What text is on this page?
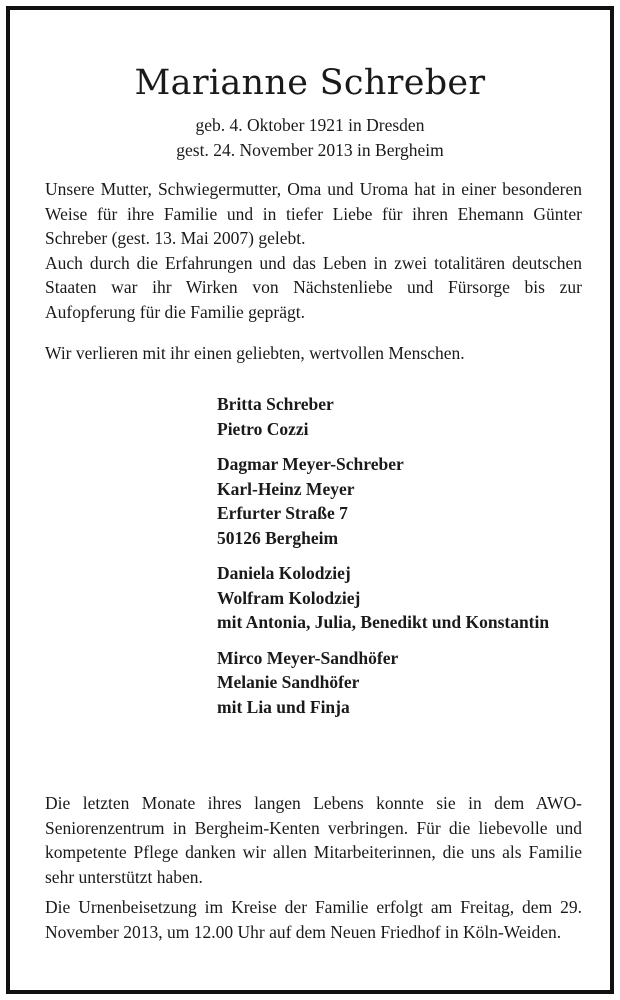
Marianne Schreber
geb. 4. Oktober 1921 in Dresden
gest. 24. November 2013 in Bergheim

Unsere Mutter, Schwiegermutter, Oma und Uroma hat in einer besonderen Weise für ihre Familie und in tiefer Liebe für ihren Ehemann Günter Schreber (gest. 13. Mai 2007) gelebt.

Auch durch die Erfahrungen und das Leben in zwei totalitären deutschen Staaten war ihr Wirken von Nächstenliebe und Fürsorge bis zur Aufopferung für die Familie geprägt.

Wir verlieren mit ihr einen geliebten, wertvollen Menschen.

Britta Schreber
Pietro Cozzi
Dagmar Meyer-Schreber
Karl-Heinz Meyer
Erfurter Straße 7
50126 Bergheim
Daniela Kolodziej
Wolfram Kolodziej
mit Antonia, Julia, Benedikt und Konstantin
Mirco Meyer-Sandhöfer
Melanie Sandhöfer
mit Lia und Finja

Die letzten Monate ihres langen Lebens konnte sie in dem AWO-Seniorenzentrum in Bergheim-Kenten verbringen. Für die liebevolle und kompetente Pflege danken wir allen Mitarbeiterinnen, die uns als Familie sehr unterstützt haben.

Die Urnenbeisetzung im Kreise der Familie erfolgt am Freitag, dem 29. November 2013, um 12.00 Uhr auf dem Neuen Friedhof in Köln-Weiden.
